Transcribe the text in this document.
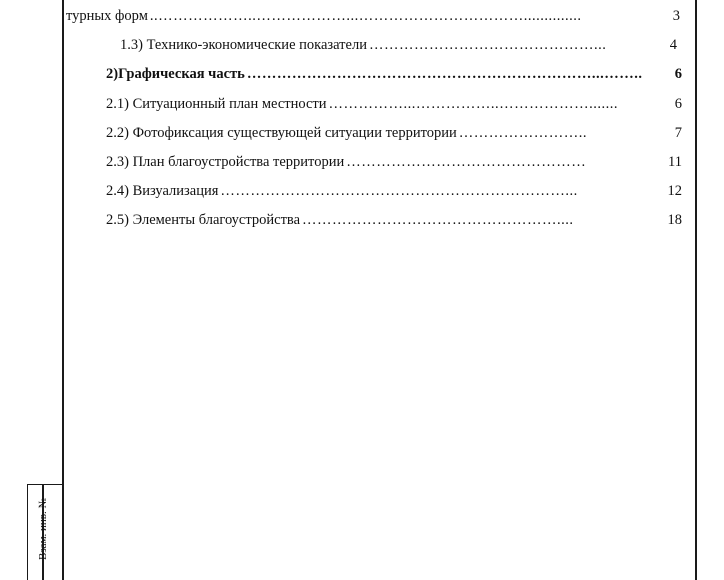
турных форм ..………………..………………...……………………………..............	3
1.3) Технико-экономические показатели ………………………………………...	4
2)Графическая часть ……………………………………………………………...……..	6
2.1) Ситуационный план местности ……………...……………..……………….......	6
2.2) Фотофиксация существующей ситуации территории ……………………..	7
2.3) План благоустройства территории …………………………………………	11
2.4) Визуализация ……………………………………………………………...	12
2.5) Элементы благоустройства ……………………………………………....	18
Взам. инв. №
